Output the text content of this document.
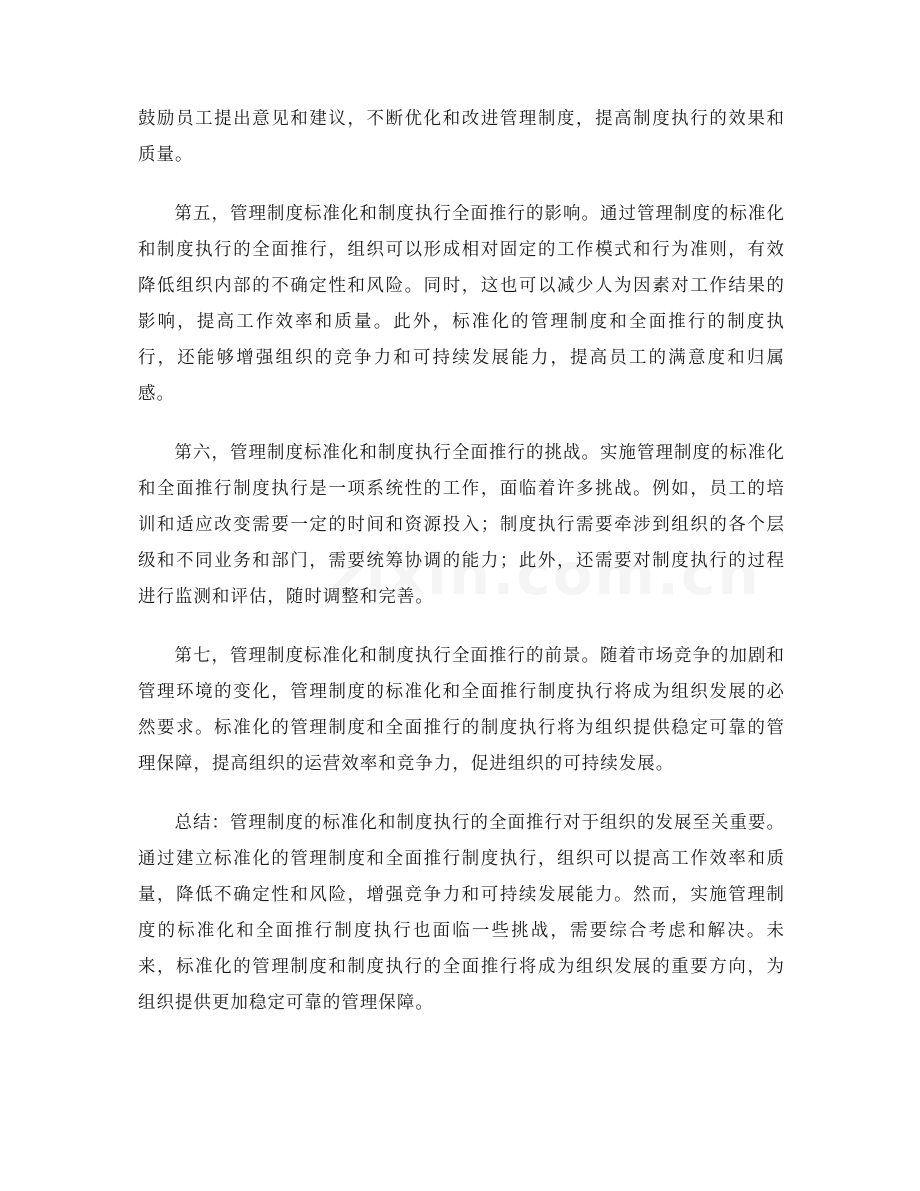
鼓励员工提出意见和建议，不断优化和改进管理制度，提高制度执行的效果和质量。

第五，管理制度标准化和制度执行全面推行的影响。通过管理制度的标准化和制度执行的全面推行，组织可以形成相对固定的工作模式和行为准则，有效降低组织内部的不确定性和风险。同时，这也可以减少人为因素对工作结果的影响，提高工作效率和质量。此外，标准化的管理制度和全面推行的制度执行，还能够增强组织的竞争力和可持续发展能力，提高员工的满意度和归属感。

第六，管理制度标准化和制度执行全面推行的挑战。实施管理制度的标准化和全面推行制度执行是一项系统性的工作，面临着许多挑战。例如，员工的培训和适应改变需要一定的时间和资源投入；制度执行需要牵涉到组织的各个层级和不同业务和部门，需要统筹协调的能力；此外，还需要对制度执行的过程进行监测和评估，随时调整和完善。

第七，管理制度标准化和制度执行全面推行的前景。随着市场竞争的加剧和管理环境的变化，管理制度的标准化和全面推行制度执行将成为组织发展的必然要求。标准化的管理制度和全面推行的制度执行将为组织提供稳定可靠的管理保障，提高组织的运营效率和竞争力，促进组织的可持续发展。

总结：管理制度的标准化和制度执行的全面推行对于组织的发展至关重要。通过建立标准化的管理制度和全面推行制度执行，组织可以提高工作效率和质量，降低不确定性和风险，增强竞争力和可持续发展能力。然而，实施管理制度的标准化和全面推行制度执行也面临一些挑战，需要综合考虑和解决。未来，标准化的管理制度和制度执行的全面推行将成为组织发展的重要方向，为组织提供更加稳定可靠的管理保障。
